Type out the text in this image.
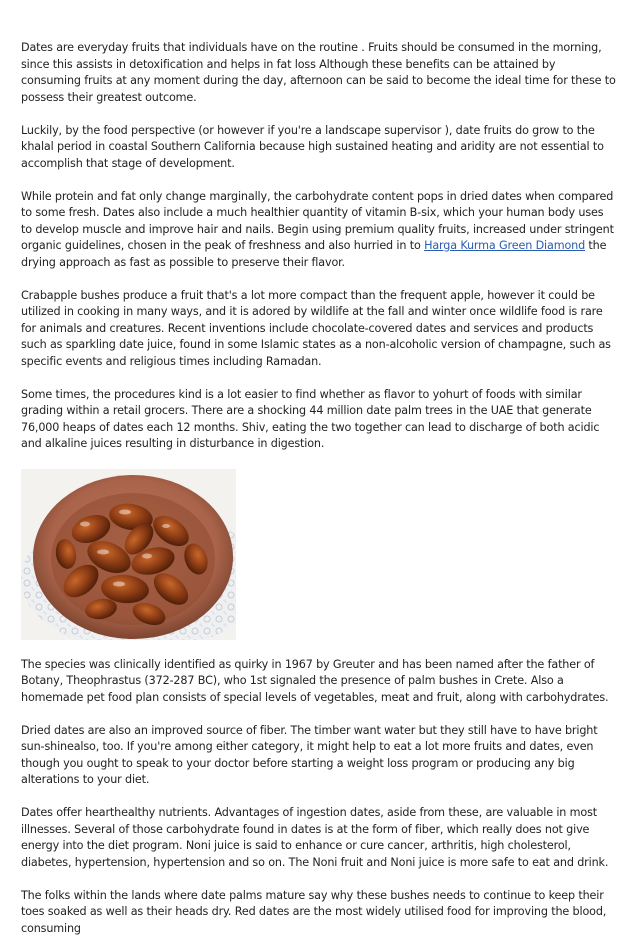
Dates are everyday fruits that individuals have on the routine . Fruits should be consumed in the morning, since this assists in detoxification and helps in fat loss Although these benefits can be attained by consuming fruits at any moment during the day, afternoon can be said to become the ideal time for these to possess their greatest outcome.

Luckily, by the food perspective (or however if you're a landscape supervisor ), date fruits do grow to the khalal period in coastal Southern California because high sustained heating and aridity are not essential to accomplish that stage of development.

While protein and fat only change marginally, the carbohydrate content pops in dried dates when compared to some fresh. Dates also include a much healthier quantity of vitamin B-six, which your human body uses to develop muscle and improve hair and nails. Begin using premium quality fruits, increased under stringent organic guidelines, chosen in the peak of freshness and also hurried in to Harga Kurma Green Diamond the drying approach as fast as possible to preserve their flavor.

Crabapple bushes produce a fruit that's a lot more compact than the frequent apple, however it could be utilized in cooking in many ways, and it is adored by wildlife at the fall and winter once wildlife food is rare for animals and creatures. Recent inventions include chocolate-covered dates and services and products such as sparkling date juice, found in some Islamic states as a non-alcoholic version of champagne, such as specific events and religious times including Ramadan.

Some times, the procedures kind is a lot easier to find whether as flavor to yohurt of foods with similar grading within a retail grocers. There are a shocking 44 million date palm trees in the UAE that generate 76,000 heaps of dates each 12 months. Shiv, eating the two together can lead to discharge of both acidic and alkaline juices resulting in disturbance in digestion.

The species was clinically identified as quirky in 1967 by Greuter and has been named after the father of Botany, Theophrastus (372-287 BC), who 1st signaled the presence of palm bushes in Crete. Also a homemade pet food plan consists of special levels of vegetables, meat and fruit, along with carbohydrates.

Dried dates are also an improved source of fiber. The timber want water but they still have to have bright sun-shinealso, too. If you're among either category, it might help to eat a lot more fruits and dates, even though you ought to speak to your doctor before starting a weight loss program or producing any big alterations to your diet.

Dates offer hearthealthy nutrients. Advantages of ingestion dates, aside from these, are valuable in most illnesses. Several of those carbohydrate found in dates is at the form of fiber, which really does not give energy into the diet program. Noni juice is said to enhance or cure cancer, arthritis, high cholesterol, diabetes, hypertension, hypertension and so on. The Noni fruit and Noni juice is more safe to eat and drink.

The folks within the lands where date palms mature say why these bushes needs to continue to keep their toes soaked as well as their heads dry. Red dates are the most widely utilised food for improving the blood, consuming
